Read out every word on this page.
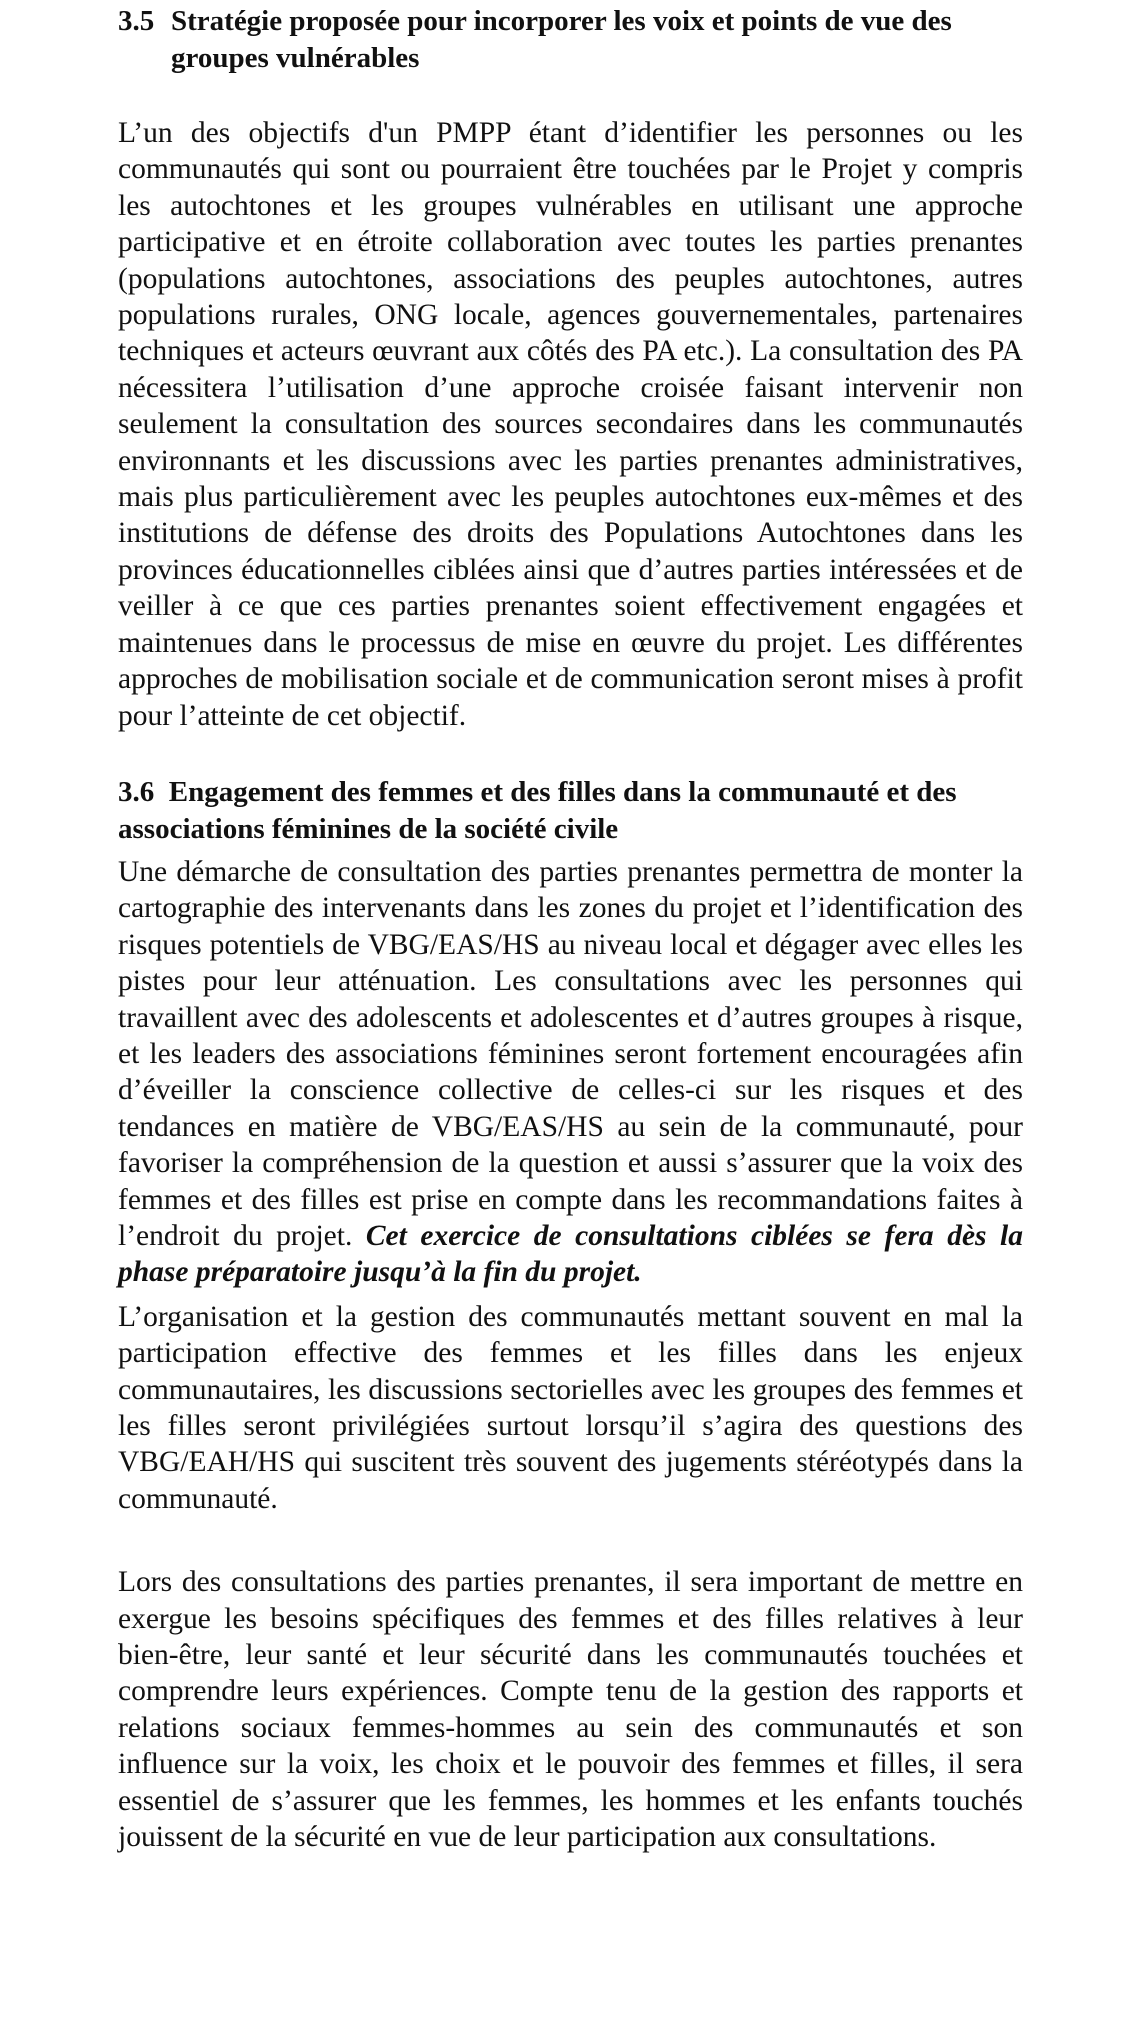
3.5 Stratégie proposée pour incorporer les voix et points de vue des groupes vulnérables

L’un des objectifs d'un PMPP étant d’identifier les personnes ou les communautés qui sont ou pourraient être touchées par le Projet y compris les autochtones et les groupes vulnérables en utilisant une approche participative et en étroite collaboration avec toutes les parties prenantes (populations autochtones, associations des peuples autochtones, autres populations rurales, ONG locale, agences gouvernementales, partenaires techniques et acteurs œuvrant aux côtés des PA etc.). La consultation des PA nécessitera l’utilisation d’une approche croisée faisant intervenir non seulement la consultation des sources secondaires dans les communautés environnants et les discussions avec les parties prenantes administratives, mais plus particulièrement avec les peuples autochtones eux-mêmes et des institutions de défense des droits des Populations Autochtones dans les provinces éducationnelles ciblées ainsi que d’autres parties intéressées et de veiller à ce que ces parties prenantes soient effectivement engagées et maintenues dans le processus de mise en œuvre du projet. Les différentes approches de mobilisation sociale et de communication seront mises à profit pour l’atteinte de cet objectif.

3.6 Engagement des femmes et des filles dans la communauté et des associations féminines de la société civile

Une démarche de consultation des parties prenantes permettra de monter la cartographie des intervenants dans les zones du projet et l’identification des risques potentiels de VBG/EAS/HS au niveau local et dégager avec elles les pistes pour leur atténuation. Les consultations avec les personnes qui travaillent avec des adolescents et adolescentes et d’autres groupes à risque, et les leaders des associations féminines seront fortement encouragées afin d’éveiller la conscience collective de celles-ci sur les risques et des tendances en matière de VBG/EAS/HS au sein de la communauté, pour favoriser la compréhension de la question et aussi s’assurer que la voix des femmes et des filles est prise en compte dans les recommandations faites à l’endroit du projet. Cet exercice de consultations ciblées se fera dès la phase préparatoire jusqu’à la fin du projet.

L’organisation et la gestion des communautés mettant souvent en mal la participation effective des femmes et les filles dans les enjeux communautaires, les discussions sectorielles avec les groupes des femmes et les filles seront privilégiées surtout lorsqu’il s’agira des questions des VBG/EAH/HS qui suscitent très souvent des jugements stéréotypés dans la communauté.

Lors des consultations des parties prenantes, il sera important de mettre en exergue les besoins spécifiques des femmes et des filles relatives à leur bien-être, leur santé et leur sécurité dans les communautés touchées et comprendre leurs expériences. Compte tenu de la gestion des rapports et relations sociaux femmes-hommes au sein des communautés et son influence sur la voix, les choix et le pouvoir des femmes et filles, il sera essentiel de s’assurer que les femmes, les hommes et les enfants touchés jouissent de la sécurité en vue de leur participation aux consultations.
